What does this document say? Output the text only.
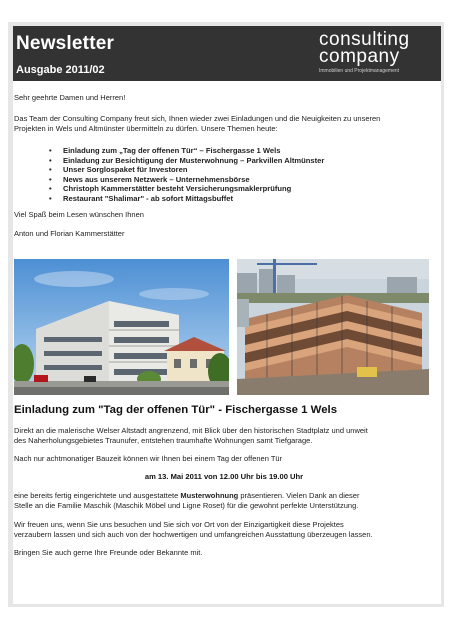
Newsletter
Ausgabe 2011/02
consulting
company
Immobilien und Projektmanagement

Sehr geehrte Damen und Herren!

Das Team der Consulting Company freut sich, Ihnen wieder zwei Einladungen und die Neuigkeiten zu unseren

Projekten in Wels und Altmünster übermitteln zu dürfen. Unsere Themen heute:

• Einladung zum „Tag der offenen Tür“ – Fischergasse 1 Wels
• Einladung zur Besichtigung der Musterwohnung – Parkvillen Altmünster
• Unser Sorglospaket für Investoren
• News aus unserem Netzwerk – Unternehmensbörse
• Christoph Kammerstätter besteht Versicherungsmaklerprüfung
• Restaurant "Shalimar" - ab sofort Mittagsbuffet
Viel Spaß beim Lesen wünschen Ihnen
Anton und Florian Kammerstätter
Einladung zum "Tag der offenen Tür" - Fischergasse 1 Wels

Direkt an die malerische Welser Altstadt angrenzend, mit Blick über den historischen Stadtplatz und unweit

des Naherholungsgebietes Traunufer, entstehen traumhafte Wohnungen samt Tiefgarage.

Nach nur achtmonatiger Bauzeit können wir Ihnen bei einem Tag der offenen Tür
am 13. Mai 2011 von 12.00 Uhr bis 19.00 Uhr
eine bereits fertig eingerichtete und ausgestattete Musterwohnung präsentieren. Vielen Dank an dieser
Stelle an die Familie Maschik (Maschik Möbel und Ligne Roset) für die gewohnt perfekte Unterstützung.
Wir freuen uns, wenn Sie uns besuchen und Sie sich vor Ort von der Einzigartigkeit diese Projektes
verzaubern lassen und sich auch von der hochwertigen und umfangreichen Ausstattung überzeugen lassen.
Bringen Sie auch gerne Ihre Freunde oder Bekannte mit.
